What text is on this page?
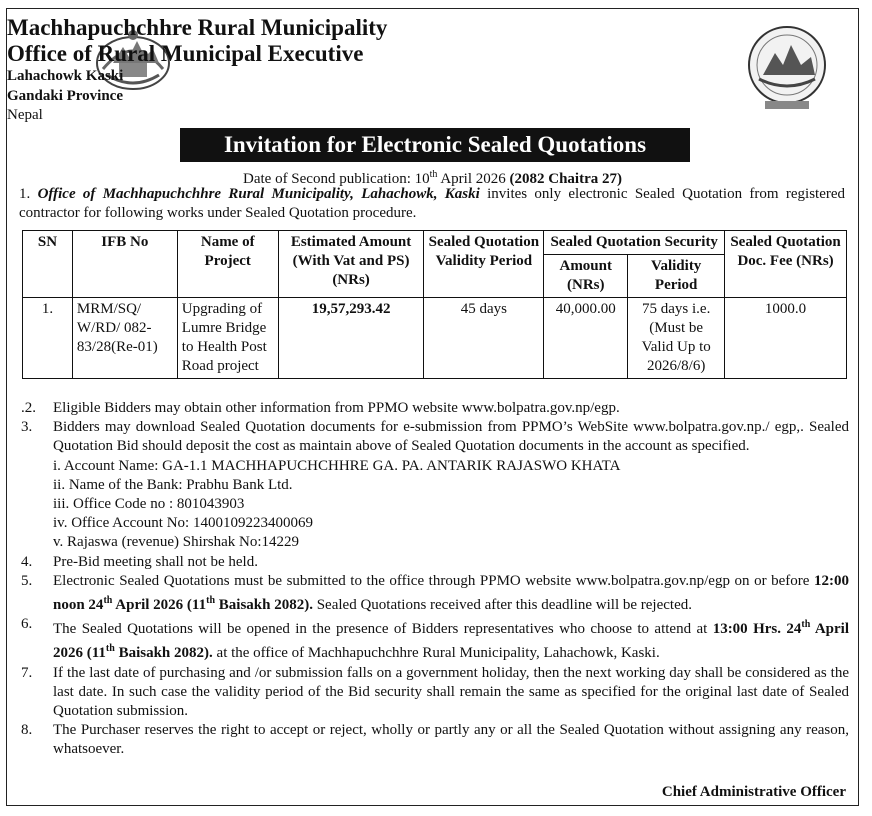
Machhapuchchhre Rural Municipality
Office of Rural Municipal Executive
Lahachowk Kaski
Gandaki Province
Nepal
Invitation for Electronic Sealed Quotations
Date of Second publication: 10th April 2026 (2082 Chaitra 27)
1. Office of Machhapuchchhre Rural Municipality, Lahachowk, Kaski invites only electronic Sealed Quotation from registered contractor for following works under Sealed Quotation procedure.
SN	IFB No	Name of Project	Estimated Amount (With Vat and PS) (NRs)	Sealed Quotation Validity Period	Sealed Quotation Security		Sealed Quotation Doc. Fee (NRs)
					Amount (NRs)	Validity Period	
1.	MRM/SQ/ W/RD/ 082- 83/28(Re-01)	Upgrading of Lumre Bridge to Health Post Road project	19,57,293.42	45 days	40,000.00	75 days i.e. (Must be Valid Up to 2026/8/6)	1000.0
.2. Eligible Bidders may obtain other information from PPMO website www.bolpatra.gov.np/egp.
3. Bidders may download Sealed Quotation documents for e-submission from PPMO’s WebSite www.bolpatra.gov.np./ egp,. Sealed Quotation Bid should deposit the cost as maintain above of Sealed Quotation documents in the account as specified.
i. Account Name: GA-1.1 MACHHAPUCHCHHRE GA. PA. ANTARIK RAJASWO KHATA
ii. Name of the Bank: Prabhu Bank Ltd.
iii. Office Code no : 801043903
iv. Office Account No: 1400109223400069
v. Rajaswa (revenue) Shirshak No:14229
4. Pre-Bid meeting shall not be held.
5. Electronic Sealed Quotations must be submitted to the office through PPMO website www.bolpatra.gov.np/egp on or before 12:00 noon 24th April 2026 (11th Baisakh 2082). Sealed Quotations received after this deadline will be rejected.
6. The Sealed Quotations will be opened in the presence of Bidders representatives who choose to attend at 13:00 Hrs. 24th April 2026 (11th Baisakh 2082). at the office of Machhapuchchhre Rural Municipality, Lahachowk, Kaski.
7. If the last date of purchasing and /or submission falls on a government holiday, then the next working day shall be considered as the last date. In such case the validity period of the Bid security shall remain the same as specified for the original last date of Sealed Quotation submission.
8. The Purchaser reserves the right to accept or reject, wholly or partly any or all the Sealed Quotation without assigning any reason, whatsoever.
Chief Administrative Officer
